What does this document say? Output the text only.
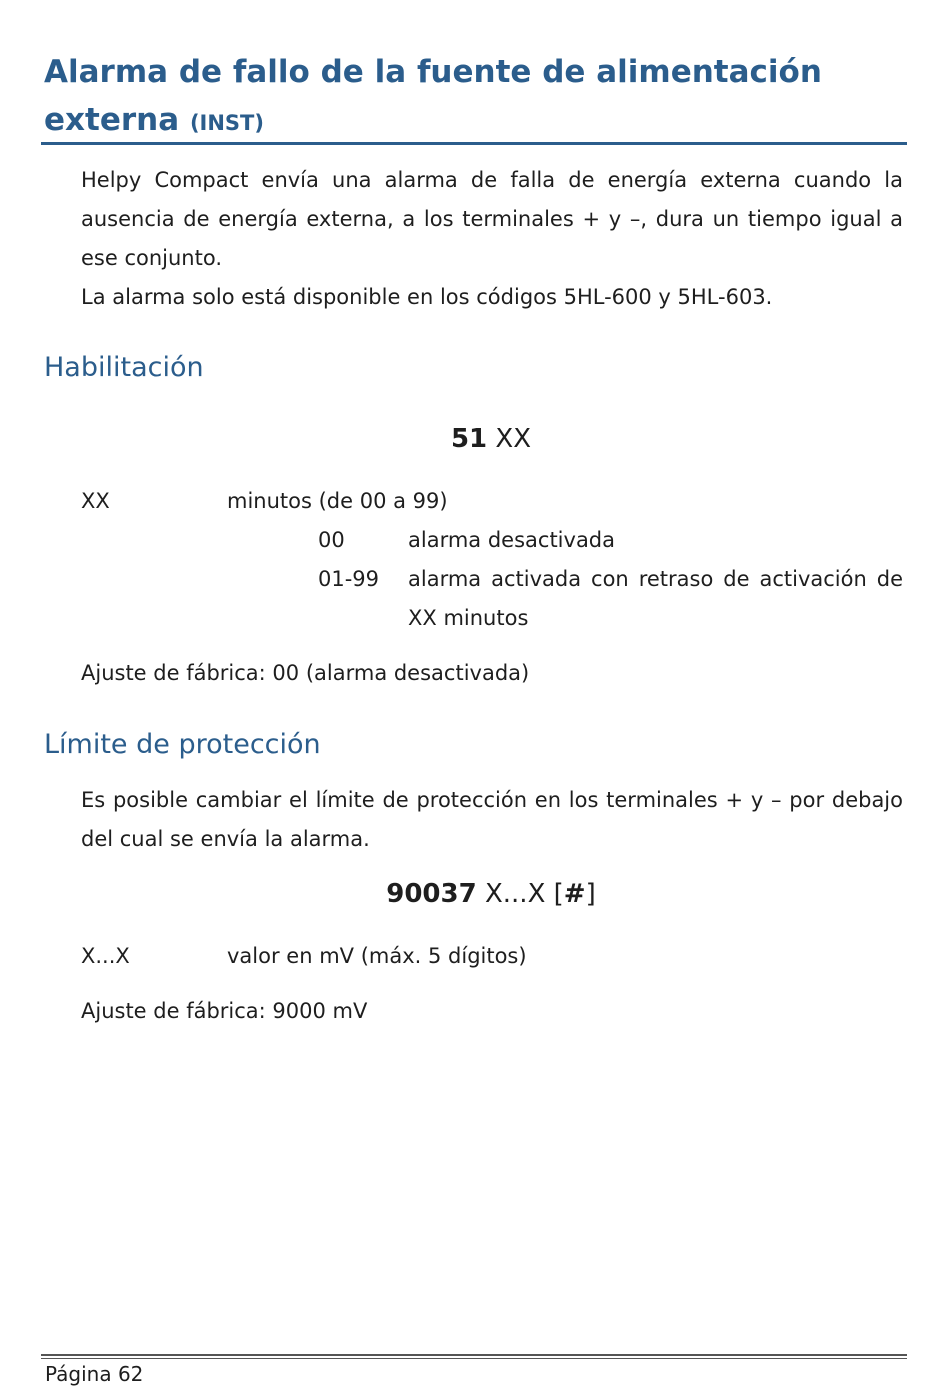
Alarma de fallo de la fuente de alimentación externa (INST)

Helpy Compact envía una alarma de falla de energía externa cuando la ausencia de energía externa, a los terminales + y –, dura un tiempo igual a ese conjunto.

La alarma solo está disponible en los códigos 5HL-600 y 5HL-603.

Habilitación

51 XX

XX	minutos (de 00 a 99)

00	alarma desactivada

01-99 alarma activada con retraso de activación de XX minutos

Ajuste de fábrica: 00 (alarma desactivada)

Límite de protección

Es posible cambiar el límite de protección en los terminales + y – por debajo del cual se envía la alarma.

90037 X...X [#]

X...X	valor en mV (máx. 5 dígitos)

Ajuste de fábrica: 9000 mV

Página 62
